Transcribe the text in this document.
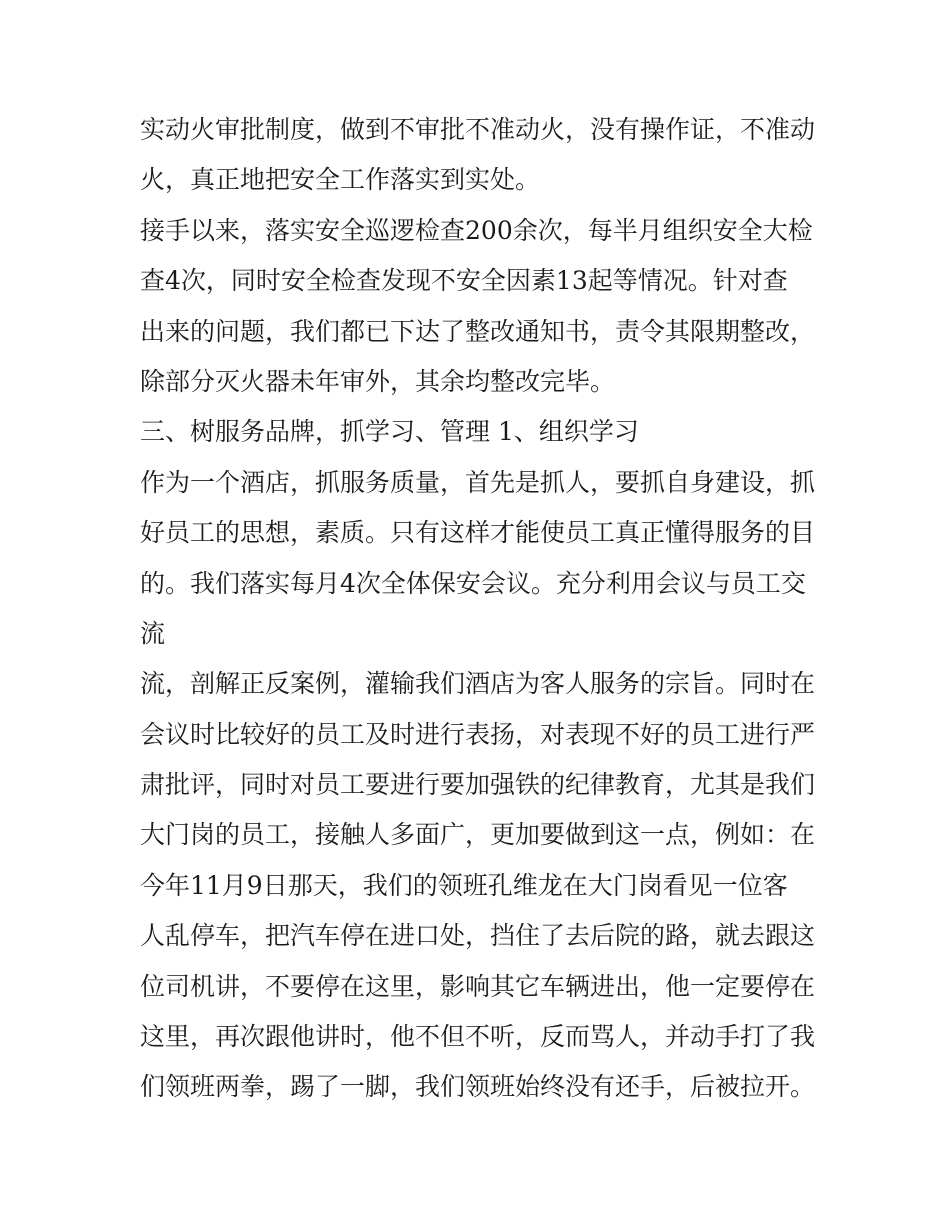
实动火审批制度，做到不审批不准动火，没有操作证，不准动
火，真正地把安全工作落实到实处。
接手以来，落实安全巡逻检查200余次，每半月组织安全大检
查4次，同时安全检查发现不安全因素13起等情况。针对查
出来的问题，我们都已下达了整改通知书，责令其限期整改，
除部分灭火器未年审外，其余均整改完毕。
三、树服务品牌，抓学习、管理 1、组织学习
作为一个酒店，抓服务质量，首先是抓人，要抓自身建设，抓
好员工的思想，素质。只有这样才能使员工真正懂得服务的目
的。我们落实每月4次全体保安会议。充分利用会议与员工交
流
流，剖解正反案例，灌输我们酒店为客人服务的宗旨。同时在
会议时比较好的员工及时进行表扬，对表现不好的员工进行严
肃批评，同时对员工要进行要加强铁的纪律教育，尤其是我们
大门岗的员工，接触人多面广，更加要做到这一点，例如：在
今年11月9日那天，我们的领班孔维龙在大门岗看见一位客
人乱停车，把汽车停在进口处，挡住了去后院的路，就去跟这
位司机讲，不要停在这里，影响其它车辆进出，他一定要停在
这里，再次跟他讲时，他不但不听，反而骂人，并动手打了我
们领班两拳，踢了一脚，我们领班始终没有还手，后被拉开。
